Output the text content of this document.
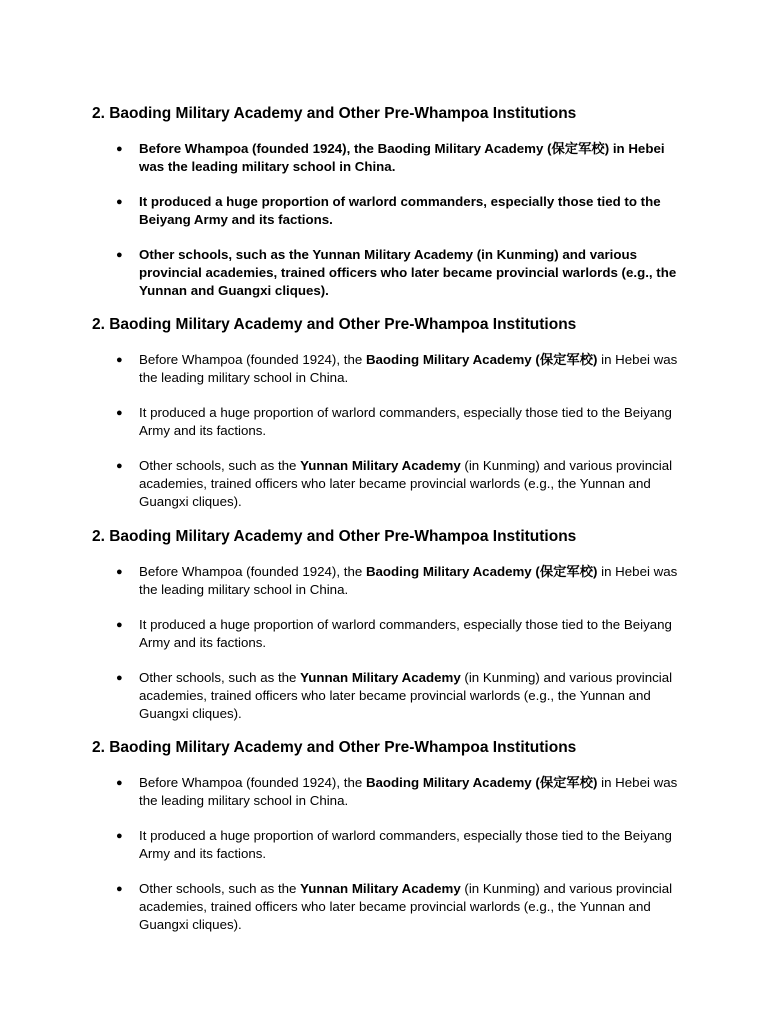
2. Baoding Military Academy and Other Pre-Whampoa Institutions
● Before Whampoa (founded 1924), the Baoding Military Academy (保定军校) in Hebei was the leading military school in China.
● It produced a huge proportion of warlord commanders, especially those tied to the Beiyang Army and its factions.
● Other schools, such as the Yunnan Military Academy (in Kunming) and various provincial academies, trained officers who later became provincial warlords (e.g., the Yunnan and Guangxi cliques).
2. Baoding Military Academy and Other Pre-Whampoa Institutions
● Before Whampoa (founded 1924), the Baoding Military Academy (保定军校) in Hebei was the leading military school in China.
● It produced a huge proportion of warlord commanders, especially those tied to the Beiyang Army and its factions.
● Other schools, such as the Yunnan Military Academy (in Kunming) and various provincial academies, trained officers who later became provincial warlords (e.g., the Yunnan and Guangxi cliques).
2. Baoding Military Academy and Other Pre-Whampoa Institutions
● Before Whampoa (founded 1924), the Baoding Military Academy (保定军校) in Hebei was the leading military school in China.
● It produced a huge proportion of warlord commanders, especially those tied to the Beiyang Army and its factions.
● Other schools, such as the Yunnan Military Academy (in Kunming) and various provincial academies, trained officers who later became provincial warlords (e.g., the Yunnan and Guangxi cliques).
2. Baoding Military Academy and Other Pre-Whampoa Institutions
● Before Whampoa (founded 1924), the Baoding Military Academy (保定军校) in Hebei was the leading military school in China.
● It produced a huge proportion of warlord commanders, especially those tied to the Beiyang Army and its factions.
● Other schools, such as the Yunnan Military Academy (in Kunming) and various provincial academies, trained officers who later became provincial warlords (e.g., the Yunnan and Guangxi cliques).
